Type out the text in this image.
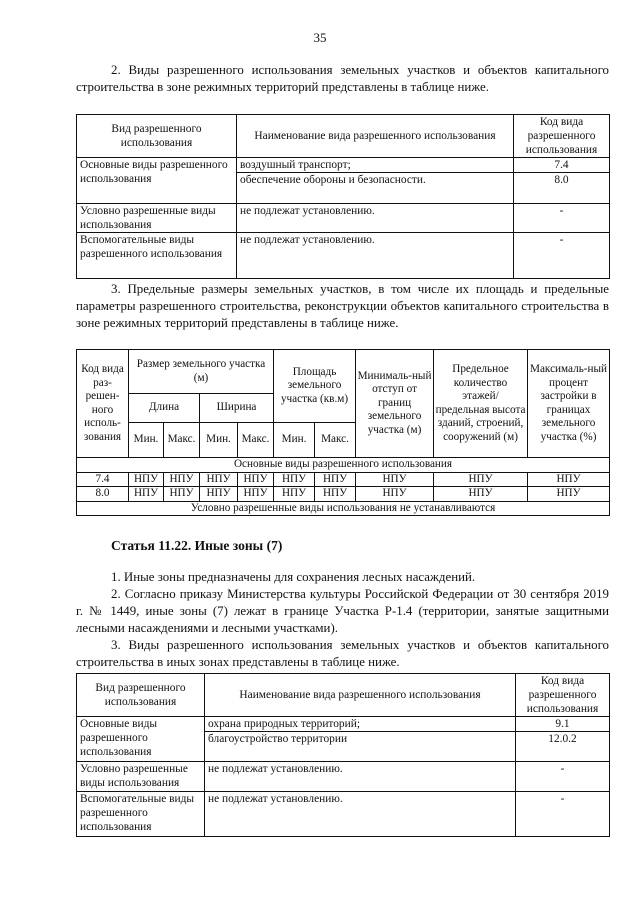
35
2. Виды разрешенного использования земельных участков и объектов капитального строительства в зоне режимных территорий представлены в таблице ниже.
Вид разрешенного использования	Наименование вида разрешенного использования	Код вида разрешенного использования
Основные виды разрешенного использования	воздушный транспорт;	7.4
	обеспечение обороны и безопасности.	8.0
Условно разрешенные виды использования	не подлежат установлению.	-
Вспомогательные виды разрешенного использования	не подлежат установлению.	-
3. Предельные размеры земельных участков, в том числе их площадь и предельные параметры разрешенного строительства, реконструкции объектов капитального строительства в зоне режимных территорий представлены в таблице ниже.
Код вида раз-решен-ного исполь-зования	Размер земельного участка (м)				Площадь земельного участка (кв.м)		Минималь-ный отступ от границ земельного участка (м)	Предельное количество этажей/ предельная высота зданий, строений, сооружений (м)	Максималь-ный процент застройки в границах земельного участка (%)
	Длина		Ширина						
	Мин.	Макс.	Мин.	Макс.	Мин.	Макс.			
Основные виды разрешенного использования									
7.4	НПУ	НПУ	НПУ	НПУ	НПУ	НПУ	НПУ	НПУ	НПУ
8.0	НПУ	НПУ	НПУ	НПУ	НПУ	НПУ	НПУ	НПУ	НПУ
Условно разрешенные виды использования не устанавливаются									
Статья 11.22. Иные зоны (7)
1. Иные зоны предназначены для сохранения лесных насаждений.
2. Согласно приказу Министерства культуры Российской Федерации от 30 сентября 2019 г. № 1449, иные зоны (7) лежат в границе Участка Р-1.4 (территории, занятые защитными лесными насаждениями и лесными участками).
3. Виды разрешенного использования земельных участков и объектов капитального строительства в иных зонах представлены в таблице ниже.
Вид разрешенного использования	Наименование вида разрешенного использования	Код вида разрешенного использования
Основные виды разрешенного использования	охрана природных территорий;	9.1
	благоустройство территории	12.0.2
Условно разрешенные виды использования	не подлежат установлению.	-
Вспомогательные виды разрешенного использования	не подлежат установлению.	-
